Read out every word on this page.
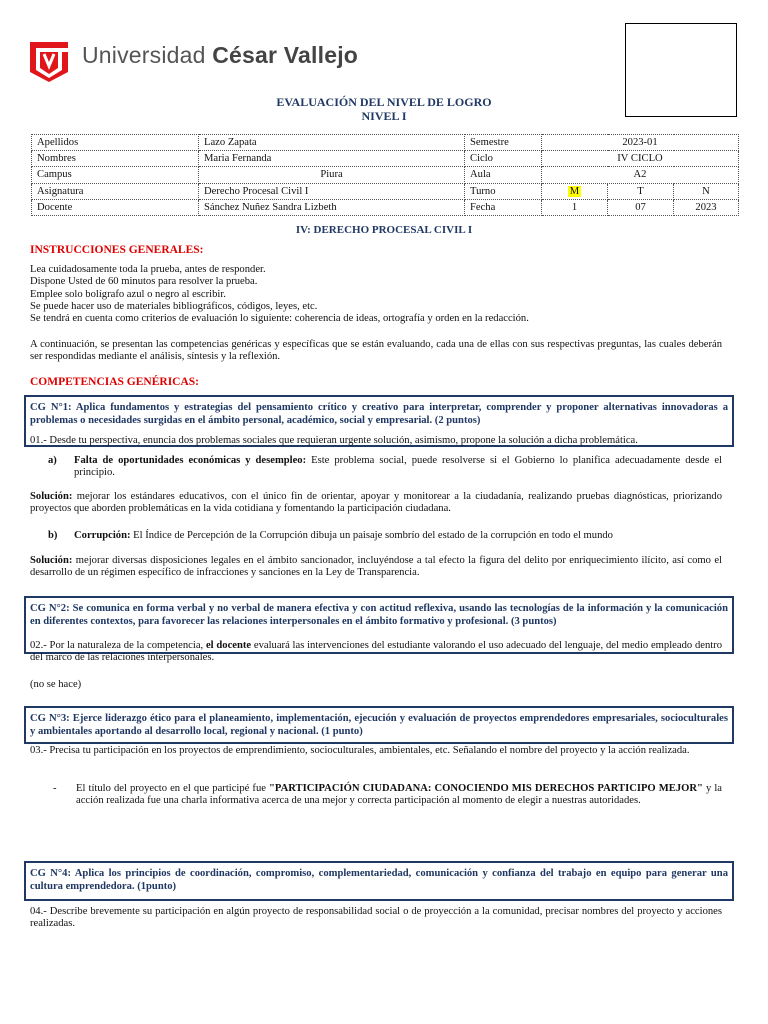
Universidad César Vallejo
EVALUACIÓN DEL NIVEL DE LOGRO
NIVEL I
Apellidos	Lazo Zapata	Semestre	2023-01		
Nombres	Maria Fernanda	Ciclo	IV CICLO		
Campus	Piura	Aula	A2		
Asignatura	Derecho Procesal Civil I	Turno	M	T	N
Docente	Sánchez Nuñez Sandra Lizbeth	Fecha	1	07	2023
IV: DERECHO PROCESAL CIVIL I
INSTRUCCIONES GENERALES:
Lea cuidadosamente toda la prueba, antes de responder.
Dispone Usted de 60 minutos para resolver la prueba.
Emplee solo bolígrafo azul o negro al escribir.
Se puede hacer uso de materiales bibliográficos, códigos, leyes, etc.
Se tendrá en cuenta como criterios de evaluación lo siguiente: coherencia de ideas, ortografía y orden en la redacción.
A continuación, se presentan las competencias genéricas y específicas que se están evaluando, cada una de ellas con sus respectivas preguntas, las cuales deberán ser respondidas mediante el análisis, síntesis y la reflexión.
COMPETENCIAS GENÉRICAS:
CG N°1: Aplica fundamentos y estrategias del pensamiento crítico y creativo para interpretar, comprender y proponer alternativas innovadoras a problemas o necesidades surgidas en el ámbito personal, académico, social y empresarial. (2 puntos)
01.- Desde tu perspectiva, enuncia dos problemas sociales que requieran urgente solución, asimismo, propone la solución a dicha problemática.
a)	Falta de oportunidades económicas y desempleo: Este problema social, puede resolverse si el Gobierno lo planifica adecuadamente desde el principio.
Solución: mejorar los estándares educativos, con el único fin de orientar, apoyar y monitorear a la ciudadanía, realizando pruebas diagnósticas, priorizando proyectos que aborden problemáticas en la vida cotidiana y fomentando la participación ciudadana.
b)	Corrupción: El Índice de Percepción de la Corrupción dibuja un paisaje sombrío del estado de la corrupción en todo el mundo
Solución: mejorar diversas disposiciones legales en el ámbito sancionador, incluyéndose a tal efecto la figura del delito por enriquecimiento ilícito, así como el desarrollo de un régimen específico de infracciones y sanciones en la Ley de Transparencia.
CG N°2: Se comunica en forma verbal y no verbal de manera efectiva y con actitud reflexiva, usando las tecnologías de la información y la comunicación en diferentes contextos, para favorecer las relaciones interpersonales en el ámbito formativo y profesional. (3 puntos)
02.- Por la naturaleza de la competencia, el docente evaluará las intervenciones del estudiante valorando el uso adecuado del lenguaje, del medio empleado dentro del marco de las relaciones interpersonales.
(no se hace)
CG N°3: Ejerce liderazgo ético para el planeamiento, implementación, ejecución y evaluación de proyectos emprendedores empresariales, socioculturales y ambientales aportando al desarrollo local, regional y nacional. (1 punto)
03.- Precisa tu participación en los proyectos de emprendimiento, socioculturales, ambientales, etc. Señalando el nombre del proyecto y la acción realizada.
- El título del proyecto en el que participé fue "PARTICIPACIÓN CIUDADANA: CONOCIENDO MIS DERECHOS PARTICIPO MEJOR" y la acción realizada fue una charla informativa acerca de una mejor y correcta participación al momento de elegir a nuestras autoridades.
CG N°4: Aplica los principios de coordinación, compromiso, complementariedad, comunicación y confianza del trabajo en equipo para generar una cultura emprendedora. (1punto)
04.- Describe brevemente su participación en algún proyecto de responsabilidad social o de proyección a la comunidad, precisar nombres del proyecto y acciones realizadas.
